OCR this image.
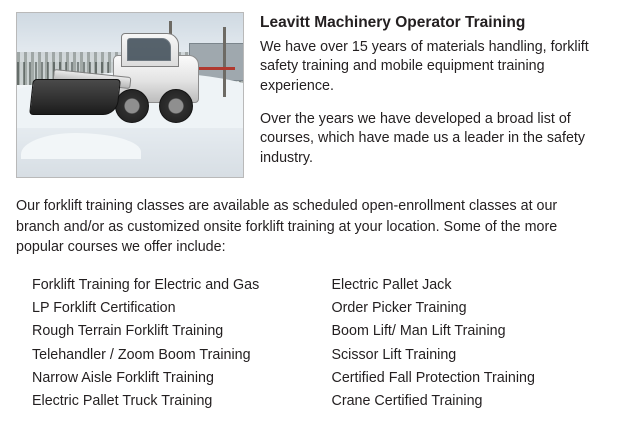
Leavitt Machinery Operator Training

We have over 15 years of materials handling, forklift safety training and mobile equipment training experience.

Over the years we have developed a broad list of courses, which have made us a leader in the safety industry.

Our forklift training classes are available as scheduled open-enrollment classes at our branch and/or as customized onsite forklift training at your location. Some of the more popular courses we offer include:
Forklift Training for Electric and Gas
LP Forklift Certification
Rough Terrain Forklift Training
Telehandler / Zoom Boom Training
Narrow Aisle Forklift Training
Electric Pallet Truck Training
Electric Pallet Jack
Order Picker Training
Boom Lift/ Man Lift Training
Scissor Lift Training
Certified Fall Protection Training
Crane Certified Training
